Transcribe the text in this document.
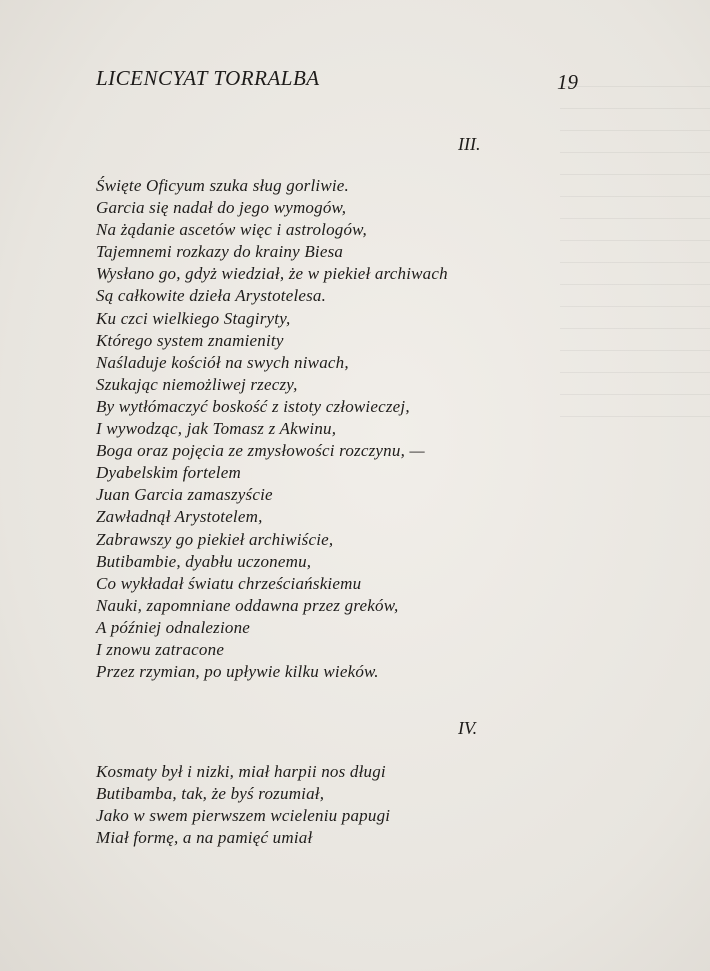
LICENCYAT TORRALBA	19
III.
Święte Oficyum szuka sług gorliwie.
Garcia się nadał do jego wymogów,
Na żądanie ascetów więc i astrologów,
Tajemnemi rozkazy do krainy Biesa
Wysłano go, gdyż wiedział, że w piekieł archiwach
Są całkowite dzieła Arystotelesa.
Ku czci wielkiego Stagiryty,
Którego system znamienity
Naśladuje kościół na swych niwach,
Szukając niemożliwej rzeczy,
By wytłómaczyć boskość z istoty człowieczej,
I wywodząc, jak Tomasz z Akwinu,
Boga oraz pojęcia ze zmysłowości rozczynu, —
Dyabelskim fortelem
Juan Garcia zamaszyście
Zawładnął Arystotelem,
Zabrawszy go piekieł archiwiście,
Butibambie, dyabłu uczonemu,
Co wykładał światu chrześciańskiemu
Nauki, zapomniane oddawna przez greków,
A później odnalezione
I znowu zatracone
Przez rzymian, po upływie kilku wieków.
IV.
Kosmaty był i nizki, miał harpii nos długi
Butibamba, tak, że byś rozumiał,
Jako w swem pierwszem wcieleniu papugi
Miał formę, a na pamięć umiał
